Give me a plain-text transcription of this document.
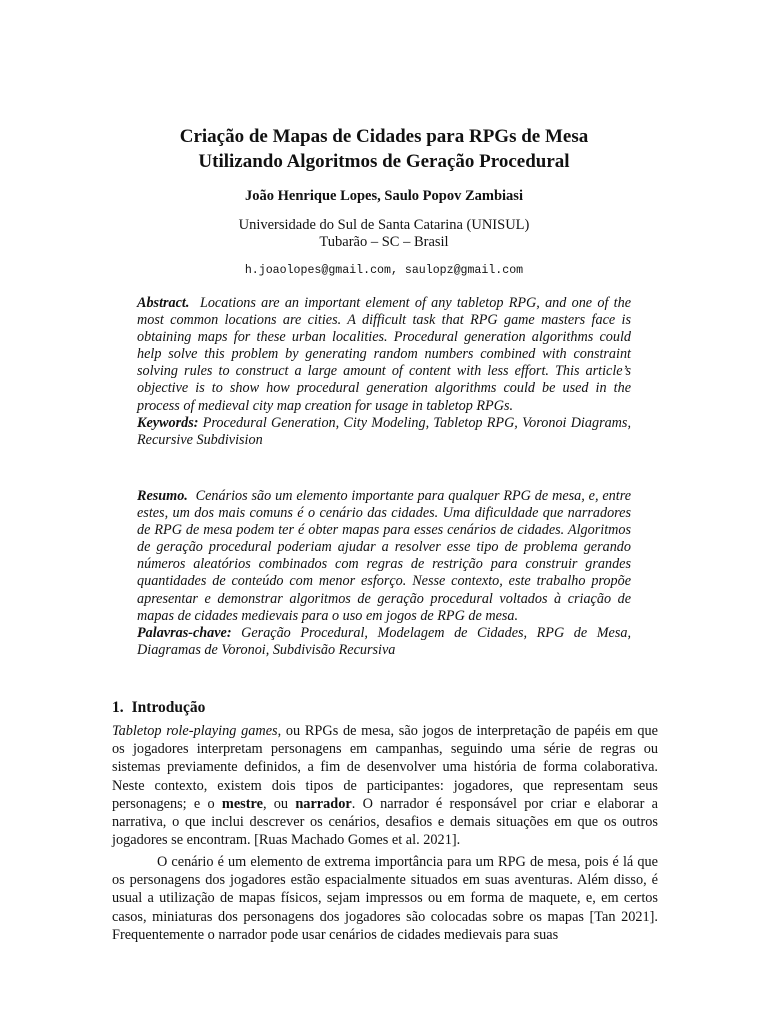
Criação de Mapas de Cidades para RPGs de Mesa
Utilizando Algoritmos de Geração Procedural
João Henrique Lopes, Saulo Popov Zambiasi
Universidade do Sul de Santa Catarina (UNISUL)
Tubarão – SC – Brasil
h.joaolopes@gmail.com, saulopz@gmail.com
Abstract. Locations are an important element of any tabletop RPG, and one of the most common locations are cities. A difficult task that RPG game masters face is obtaining maps for these urban localities. Procedural generation algorithms could help solve this problem by generating random numbers combined with constraint solving rules to construct a large amount of content with less effort. This article’s objective is to show how procedural generation algorithms could be used in the process of medieval city map creation for usage in tabletop RPGs.
Keywords: Procedural Generation, City Modeling, Tabletop RPG, Voronoi Diagrams, Recursive Subdivision
Resumo. Cenários são um elemento importante para qualquer RPG de mesa, e, entre estes, um dos mais comuns é o cenário das cidades. Uma dificuldade que narradores de RPG de mesa podem ter é obter mapas para esses cenários de cidades. Algoritmos de geração procedural poderiam ajudar a resolver esse tipo de problema gerando números aleatórios combinados com regras de restrição para construir grandes quantidades de conteúdo com menor esforço. Nesse contexto, este trabalho propõe apresentar e demonstrar algoritmos de geração procedural voltados à criação de mapas de cidades medievais para o uso em jogos de RPG de mesa.
Palavras-chave: Geração Procedural, Modelagem de Cidades, RPG de Mesa, Diagramas de Voronoi, Subdivisão Recursiva
1. Introdução

Tabletop role-playing games, ou RPGs de mesa, são jogos de interpretação de papéis em que os jogadores interpretam personagens em campanhas, seguindo uma série de regras ou sistemas previamente definidos, a fim de desenvolver uma história de forma colaborativa. Neste contexto, existem dois tipos de participantes: jogadores, que representam seus personagens; e o mestre, ou narrador. O narrador é responsável por criar e elaborar a narrativa, o que inclui descrever os cenários, desafios e demais situações em que os outros jogadores se encontram. [Ruas Machado Gomes et al. 2021].

O cenário é um elemento de extrema importância para um RPG de mesa, pois é lá que os personagens dos jogadores estão espacialmente situados em suas aventuras. Além disso, é usual a utilização de mapas físicos, sejam impressos ou em forma de maquete, e, em certos casos, miniaturas dos personagens dos jogadores são colocadas sobre os mapas [Tan 2021]. Frequentemente o narrador pode usar cenários de cidades medievais para suas
